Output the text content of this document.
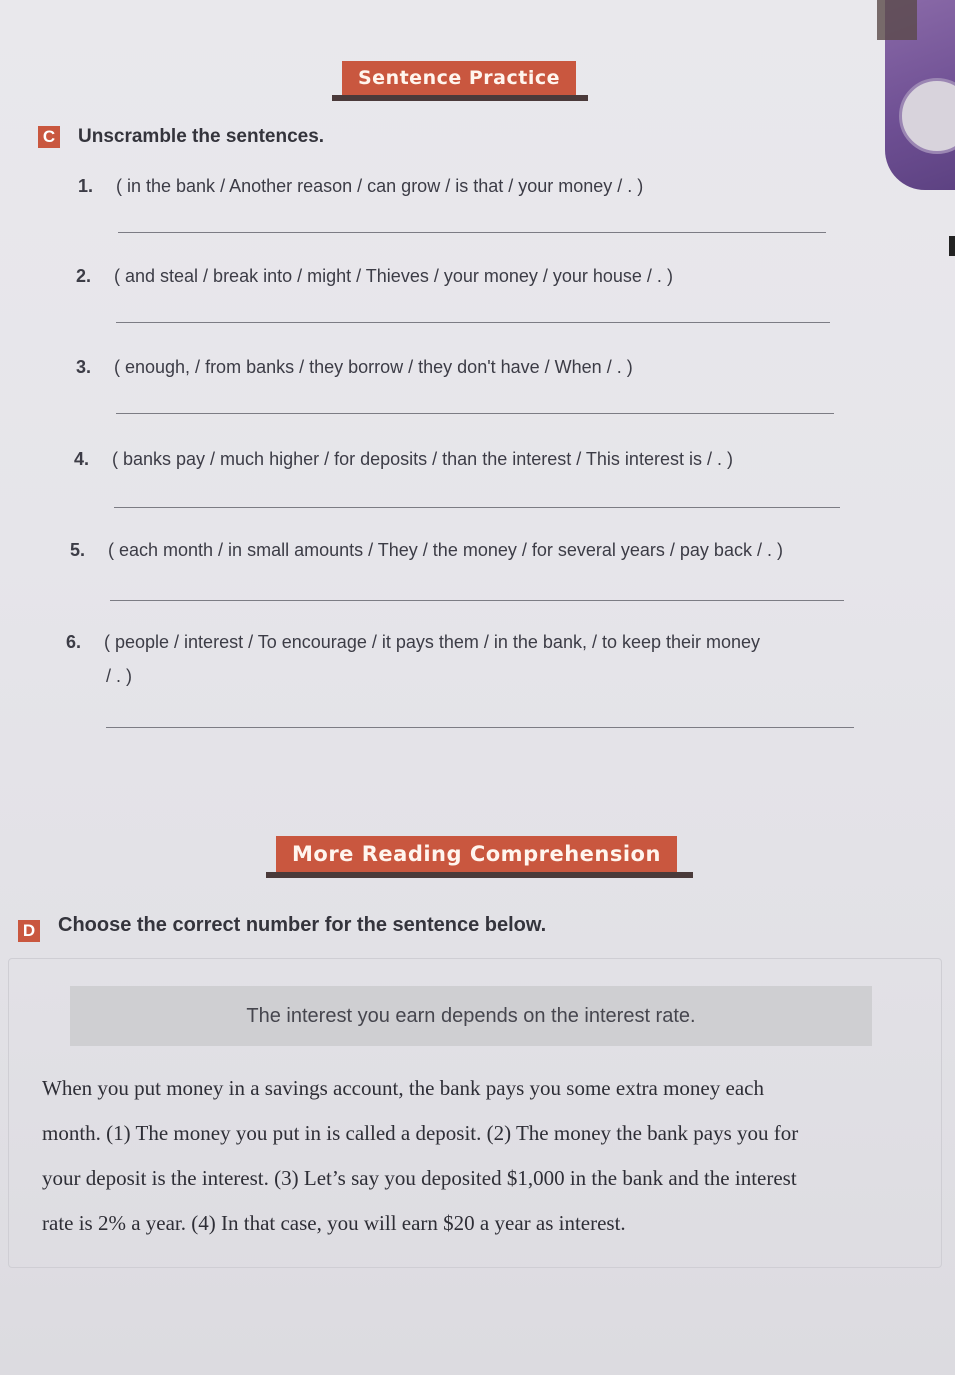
Sentence Practice
C Unscramble the sentences.
1. ( in the bank / Another reason / can grow / is that / your money / . )
2. ( and steal / break into / might / Thieves / your money / your house / . )
3. ( enough, / from banks / they borrow / they don't have / When / . )
4. ( banks pay / much higher / for deposits / than the interest / This interest is / . )
5. ( each month / in small amounts / They / the money / for several years / pay back / . )
6. ( people / interest / To encourage / it pays them / in the bank, / to keep their money
/ . )
More Reading Comprehension
D Choose the correct number for the sentence below.
The interest you earn depends on the interest rate.
When you put money in a savings account, the bank pays you some extra money each
month. (1) The money you put in is called a deposit. (2) The money the bank pays you for
your deposit is the interest. (3) Let’s say you deposited $1,000 in the bank and the interest
rate is 2% a year. (4) In that case, you will earn $20 a year as interest.
